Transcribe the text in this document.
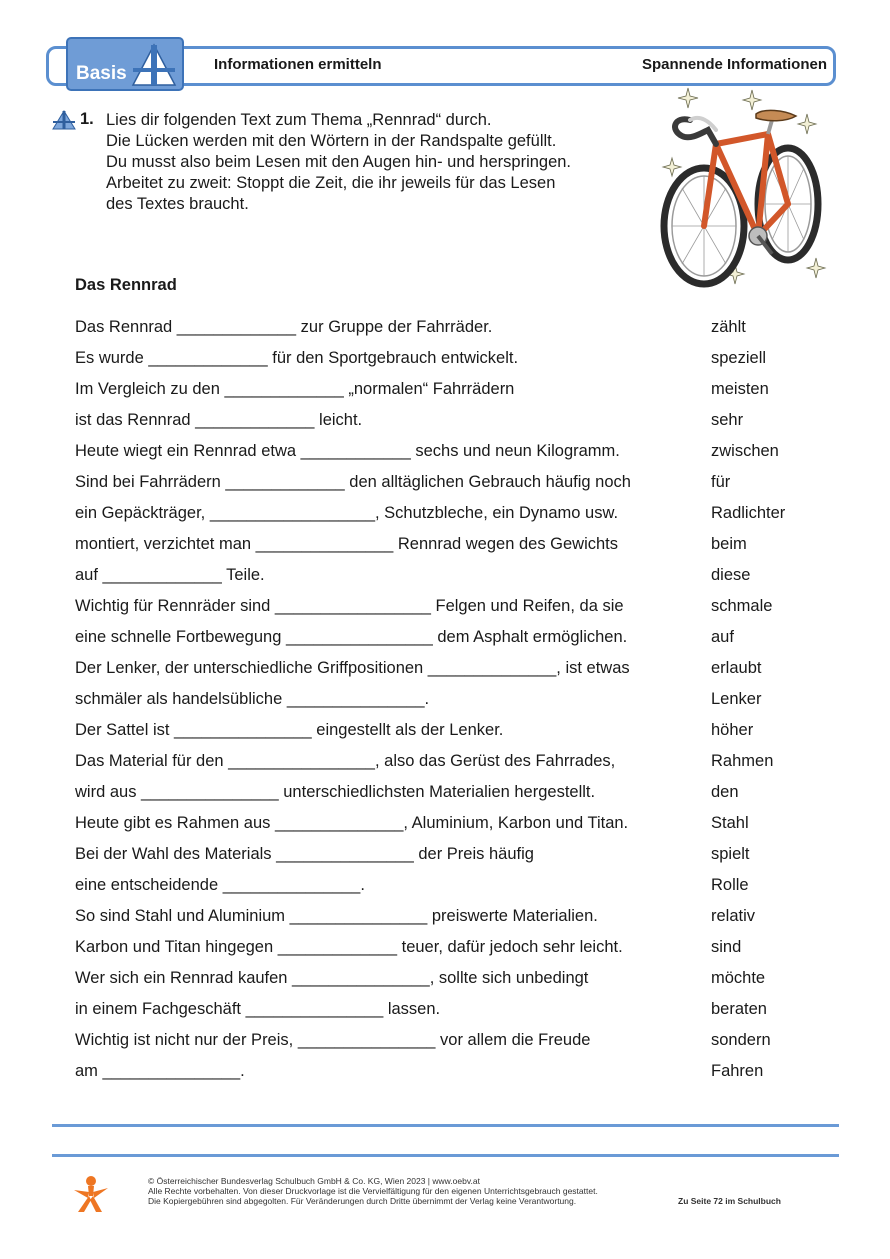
Basis	Informationen ermitteln	Spannende Informationen
1. Lies dir folgenden Text zum Thema „Rennrad“ durch.
Die Lücken werden mit den Wörtern in der Randspalte gefüllt.
Du musst also beim Lesen mit den Augen hin- und herspringen.
Arbeitet zu zweit: Stoppt die Zeit, die ihr jeweils für das Lesen
des Textes braucht.
Das Rennrad
Das Rennrad _____________ zur Gruppe der Fahrräder.	zählt
Es wurde _____________ für den Sportgebrauch entwickelt.	speziell
Im Vergleich zu den _____________ „normalen“ Fahrrädern	meisten
ist das Rennrad _____________ leicht.	sehr
Heute wiegt ein Rennrad etwa ____________ sechs und neun Kilogramm.	zwischen
Sind bei Fahrrädern _____________ den alltäglichen Gebrauch häufig noch	für
ein Gepäckträger, __________________, Schutzbleche, ein Dynamo usw.	Radlichter
montiert, verzichtet man _______________ Rennrad wegen des Gewichts	beim
auf _____________ Teile.	diese
Wichtig für Rennräder sind _________________ Felgen und Reifen, da sie	schmale
eine schnelle Fortbewegung ________________ dem Asphalt ermöglichen.	auf
Der Lenker, der unterschiedliche Griffpositionen ______________, ist etwas	erlaubt
schmäler als handelsübliche _______________.	Lenker
Der Sattel ist _______________ eingestellt als der Lenker.	höher
Das Material für den ________________, also das Gerüst des Fahrrades,	Rahmen
wird aus _______________ unterschiedlichsten Materialien hergestellt.	den
Heute gibt es Rahmen aus ______________, Aluminium, Karbon und Titan.	Stahl
Bei der Wahl des Materials _______________ der Preis häufig	spielt
eine entscheidende _______________.	Rolle
So sind Stahl und Aluminium _______________ preiswerte Materialien.	relativ
Karbon und Titan hingegen _____________ teuer, dafür jedoch sehr leicht.	sind
Wer sich ein Rennrad kaufen _______________, sollte sich unbedingt	möchte
in einem Fachgeschäft _______________ lassen.	beraten
Wichtig ist nicht nur der Preis, _______________ vor allem die Freude	sondern
am _______________.	Fahren
© Österreichischer Bundesverlag Schulbuch GmbH & Co. KG, Wien 2023 | www.oebv.at
Alle Rechte vorbehalten. Von dieser Druckvorlage ist die Vervielfältigung für den eigenen Unterrichtsgebrauch gestattet.
Die Kopiergebühren sind abgegolten. Für Veränderungen durch Dritte übernimmt der Verlag keine Verantwortung.	Zu Seite 72 im Schulbuch
